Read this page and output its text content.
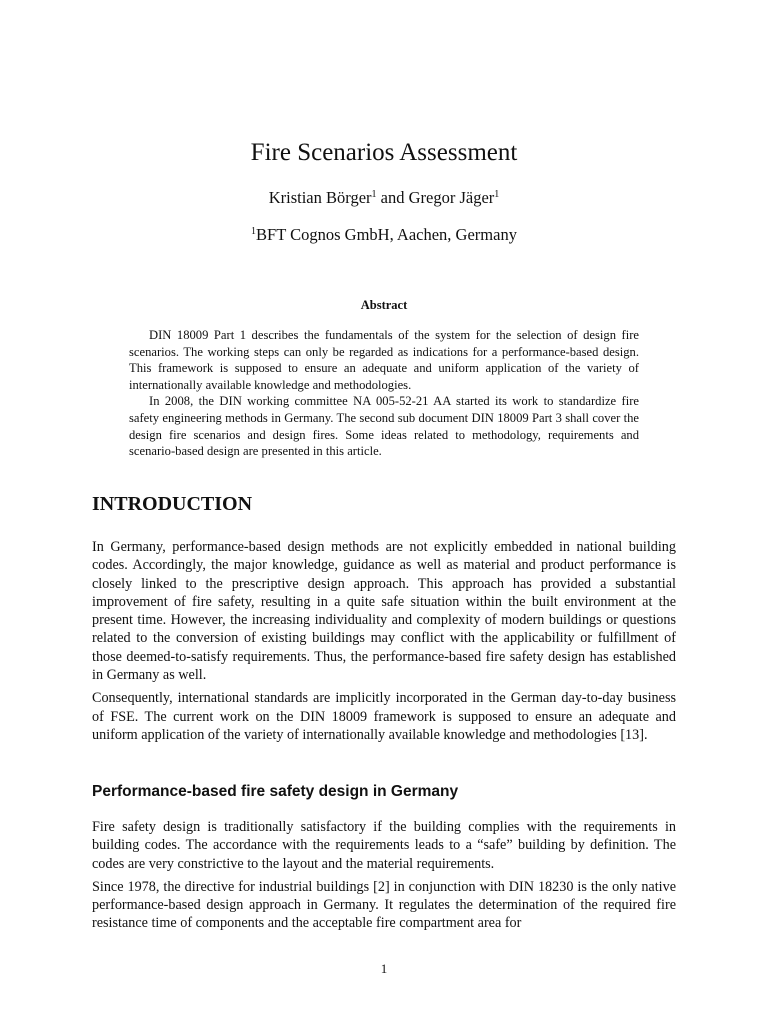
Fire Scenarios Assessment
Kristian Börger$^1$ and Gregor Jäger$^1$
$^1$BFT Cognos GmbH, Aachen, Germany
Abstract

DIN 18009 Part 1 describes the fundamentals of the system for the selection of design fire scenarios. The working steps can only be regarded as indications for a performance-based design. This framework is supposed to ensure an adequate and uniform application of the variety of internationally available knowledge and methodologies.

In 2008, the DIN working committee NA 005-52-21 AA started its work to standardize fire safety engineering methods in Germany. The second sub document DIN 18009 Part 3 shall cover the design fire scenarios and design fires. Some ideas related to methodology, requirements and scenario-based design are presented in this article.

INTRODUCTION

In Germany, performance-based design methods are not explicitly embedded in national building codes. Accordingly, the major knowledge, guidance as well as material and product performance is closely linked to the prescriptive design approach. This approach has provided a substantial improvement of fire safety, resulting in a quite safe situation within the built environment at the present time. However, the increasing individuality and complexity of modern buildings or questions related to the conversion of existing buildings may conflict with the applicability or fulfillment of those deemed-to-satisfy requirements. Thus, the performance-based fire safety design has established in Germany as well.

Consequently, international standards are implicitly incorporated in the German day-to-day business of FSE. The current work on the DIN 18009 framework is supposed to ensure an adequate and uniform application of the variety of internationally available knowledge and methodologies [13].

Performance-based fire safety design in Germany

Fire safety design is traditionally satisfactory if the building complies with the requirements in building codes. The accordance with the requirements leads to a “safe” building by definition. The codes are very constrictive to the layout and the material requirements.

Since 1978, the directive for industrial buildings [2] in conjunction with DIN 18230 is the only native performance-based design approach in Germany. It regulates the determination of the required fire resistance time of components and the acceptable fire compartment area for

1
